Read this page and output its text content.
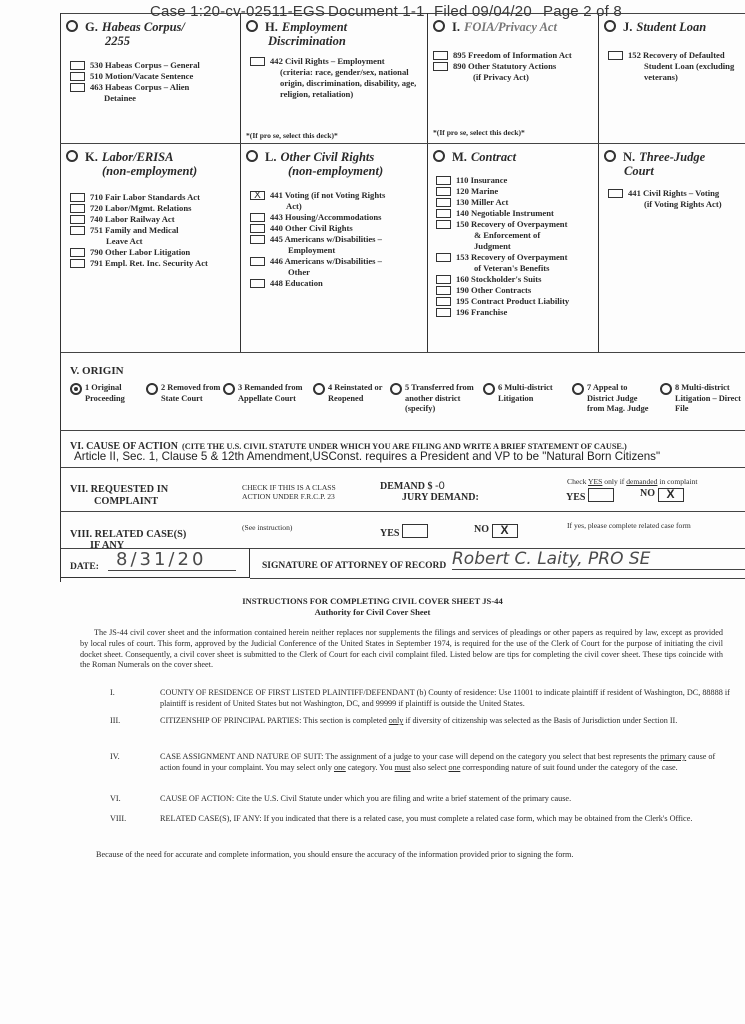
Case 1:20-cv-02511-EGS Document 1-1 Filed 09/04/20 Page 2 of 8
G. Habeas Corpus/
2255
530 Habeas Corpus – General
510 Motion/Vacate Sentence
463 Habeas Corpus – Alien
Detainee
H. Employment
Discrimination
442 Civil Rights – Employment
(criteria: race, gender/sex, national origin, discrimination, disability, age, religion, retaliation)
*(If pro se, select this deck)*
I. FOIA/Privacy Act
895 Freedom of Information Act
890 Other Statutory Actions
(if Privacy Act)
*(If pro se, select this deck)*
J. Student Loan
152 Recovery of Defaulted
Student Loan (excluding veterans)
K. Labor/ERISA
(non-employment)
710 Fair Labor Standards Act
720 Labor/Mgmt. Relations
740 Labor Railway Act
751 Family and Medical
Leave Act
790 Other Labor Litigation
791 Empl. Ret. Inc. Security Act
L. Other Civil Rights
(non-employment)
X	441 Voting (if not Voting Rights
Act)
443 Housing/Accommodations
440 Other Civil Rights
445 Americans w/Disabilities –
Employment
446 Americans w/Disabilities –
Other
448 Education
M. Contract
110 Insurance
120 Marine
130 Miller Act
140 Negotiable Instrument
150 Recovery of Overpayment
& Enforcement of Judgment
153 Recovery of Overpayment
of Veteran's Benefits
160 Stockholder's Suits
190 Other Contracts
195 Contract Product Liability
196 Franchise
N. Three-Judge
Court
441 Civil Rights – Voting
(if Voting Rights Act)
V. ORIGIN
1 Original Proceeding
2 Removed from State Court
3 Remanded from Appellate Court
4 Reinstated or Reopened
5 Transferred from another district (specify)
6 Multi-district Litigation
7 Appeal to District Judge from Mag. Judge
8 Multi-district Litigation – Direct File
VI. CAUSE OF ACTION (CITE THE U.S. CIVIL STATUTE UNDER WHICH YOU ARE FILING AND WRITE A BRIEF STATEMENT OF CAUSE.)
Article II, Sec. 1, Clause 5 & 12th Amendment,USConst. requires a President and VP to be "Natural Born Citizens"
VII. REQUESTED IN
COMPLAINT
CHECK IF THIS IS A CLASS
ACTION UNDER F.R.C.P. 23
DEMAND $ -0
JURY DEMAND:
Check YES only if demanded in complaint
YES	NO X
VIII. RELATED CASE(S)
IF ANY
(See instruction)
YES	NO X	If yes, please complete related case form
DATE: 8/31/20	SIGNATURE OF ATTORNEY OF RECORD Robert C. Laity, PRO SE
INSTRUCTIONS FOR COMPLETING CIVIL COVER SHEET JS-44
Authority for Civil Cover Sheet
The JS-44 civil cover sheet and the information contained herein neither replaces nor supplements the filings and services of pleadings or other papers as required by law, except as provided by local rules of court. This form, approved by the Judicial Conference of the United States in September 1974, is required for the use of the Clerk of Court for the purpose of initiating the civil docket sheet. Consequently, a civil cover sheet is submitted to the Clerk of Court for each civil complaint filed. Listed below are tips for completing the civil cover sheet. These tips coincide with the Roman Numerals on the cover sheet.
I.	COUNTY OF RESIDENCE OF FIRST LISTED PLAINTIFF/DEFENDANT (b) County of residence: Use 11001 to indicate plaintiff if resident of Washington, DC, 88888 if plaintiff is resident of United States but not Washington, DC, and 99999 if plaintiff is outside the United States.
III.	CITIZENSHIP OF PRINCIPAL PARTIES: This section is completed only if diversity of citizenship was selected as the Basis of Jurisdiction under Section II.
IV.	CASE ASSIGNMENT AND NATURE OF SUIT: The assignment of a judge to your case will depend on the category you select that best represents the primary cause of action found in your complaint. You may select only one category. You must also select one corresponding nature of suit found under the category of the case.
VI.	CAUSE OF ACTION: Cite the U.S. Civil Statute under which you are filing and write a brief statement of the primary cause.
VIII.	RELATED CASE(S), IF ANY: If you indicated that there is a related case, you must complete a related case form, which may be obtained from the Clerk's Office.
Because of the need for accurate and complete information, you should ensure the accuracy of the information provided prior to signing the form.
